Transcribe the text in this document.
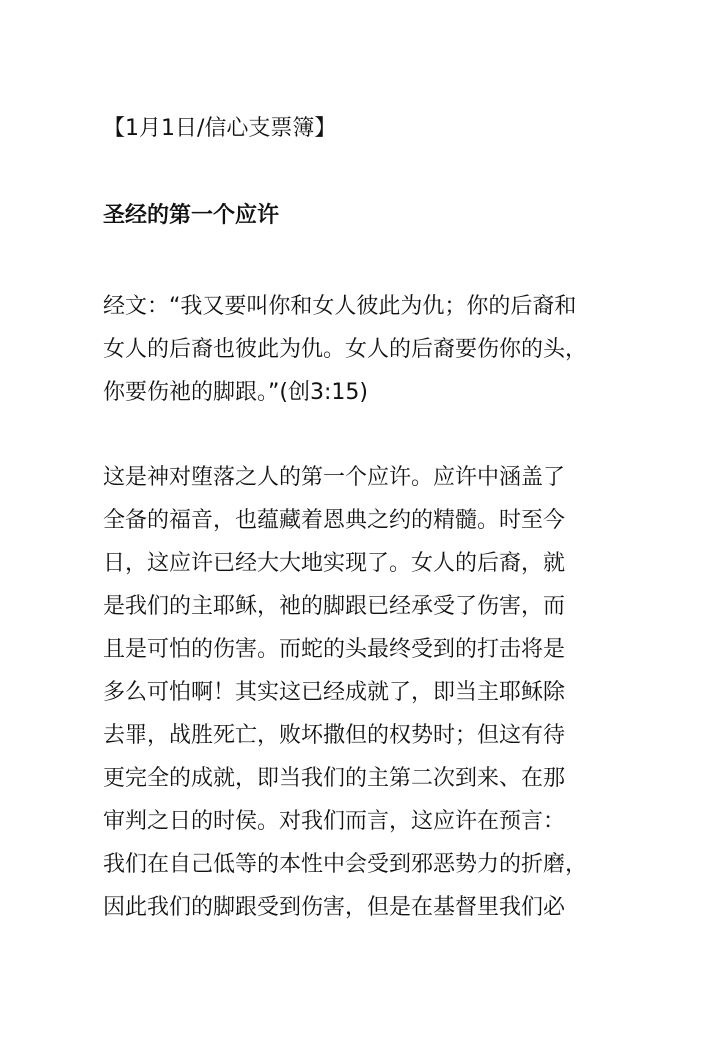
【1月1日/信心支票簿】
圣经的第一个应许
经文：“我又要叫你和女人彼此为仇；你的后裔和
女人的后裔也彼此为仇。女人的后裔要伤你的头，
你要伤祂的脚跟。”(创3:15)
这是神对堕落之人的第一个应许。应许中涵盖了
全备的福音，也蕴藏着恩典之约的精髓。时至今
日，这应许已经大大地实现了。女人的后裔，就
是我们的主耶稣，祂的脚跟已经承受了伤害，而
且是可怕的伤害。而蛇的头最终受到的打击将是
多么可怕啊！其实这已经成就了，即当主耶稣除
去罪，战胜死亡，败坏撒但的权势时；但这有待
更完全的成就，即当我们的主第二次到来、在那
审判之日的时侯。对我们而言，这应许在预言：
我们在自己低等的本性中会受到邪恶势力的折磨，
因此我们的脚跟受到伤害，但是在基督里我们必
